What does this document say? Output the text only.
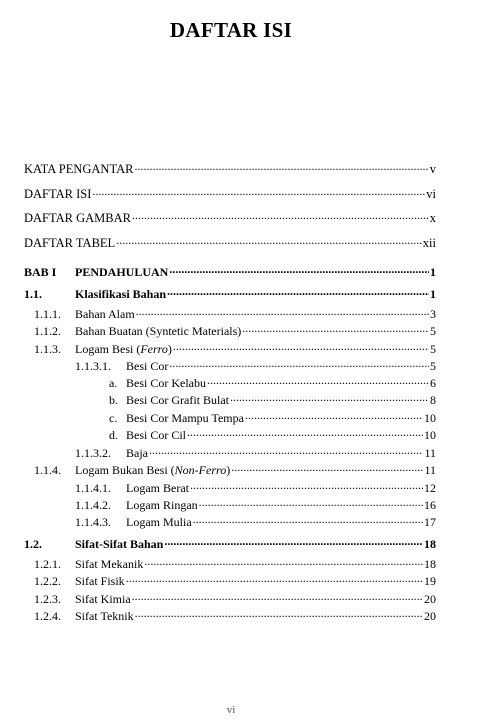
DAFTAR ISI
KATA PENGANTAR .....	v
DAFTAR ISI .....	vi
DAFTAR GAMBAR .....	x
DAFTAR TABEL .....	xii
BAB I	PENDAHULUAN .....	1
1.1.	Klasifikasi Bahan .....	1
1.1.1.	Bahan Alam .....	3
1.1.2.	Bahan Buatan (Syntetic Materials) .....	5
1.1.3.	Logam Besi (Ferro) .....	5
1.1.3.1.	Besi Cor .....	5
a. Besi Cor Kelabu .....	6
b. Besi Cor Grafit Bulat .....	8
c. Besi Cor Mampu Tempa .....	10
d. Besi Cor Cil .....	10
1.1.3.2.	Baja .....	11
1.1.4.	Logam Bukan Besi (Non-Ferro) .....	11
1.1.4.1.	Logam Berat .....	12
1.1.4.2.	Logam Ringan .....	16
1.1.4.3.	Logam Mulia .....	17
1.2.	Sifat-Sifat Bahan .....	18
1.2.1.	Sifat Mekanik .....	18
1.2.2.	Sifat Fisik .....	19
1.2.3.	Sifat Kimia .....	20
1.2.4.	Sifat Teknik .....	20
vi
